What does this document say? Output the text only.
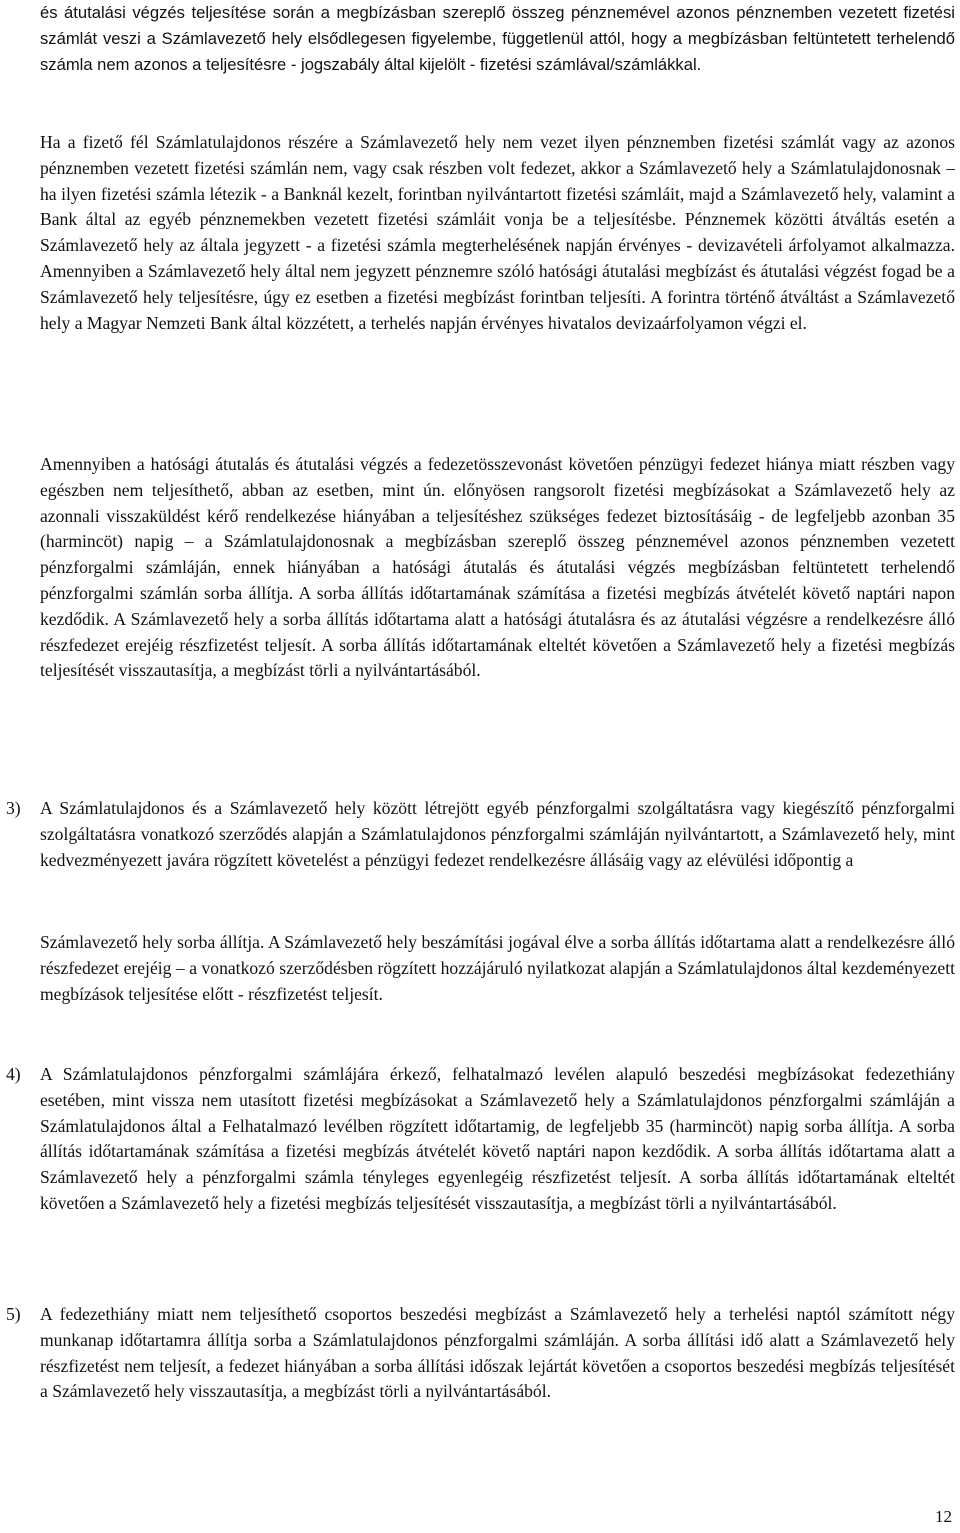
és átutalási végzés teljesítése során a megbízásban szereplő összeg pénznemével azonos pénznemben vezetett fizetési számlát veszi a Számlavezető hely elsődlegesen figyelembe, függetlenül attól, hogy a megbízásban feltüntetett terhelendő számla nem azonos a teljesítésre - jogszabály által kijelölt - fizetési számlával/számlákkal.

Ha a fizető fél Számlatulajdonos részére a Számlavezető hely nem vezet ilyen pénznemben fizetési számlát vagy az azonos pénznemben vezetett fizetési számlán nem, vagy csak részben volt fedezet, akkor a Számlavezető hely a Számlatulajdonosnak – ha ilyen fizetési számla létezik - a Banknál kezelt, forintban nyilvántartott fizetési számláit, majd a Számlavezető hely, valamint a Bank által az egyéb pénznemekben vezetett fizetési számláit vonja be a teljesítésbe. Pénznemek közötti átváltás esetén a Számlavezető hely az általa jegyzett - a fizetési számla megterhelésének napján érvényes - devizavételi árfolyamot alkalmazza. Amennyiben a Számlavezető hely által nem jegyzett pénznemre szóló hatósági átutalási megbízást és átutalási végzést fogad be a Számlavezető hely teljesítésre, úgy ez esetben a fizetési megbízást forintban teljesíti. A forintra történő átváltást a Számlavezető hely a Magyar Nemzeti Bank által közzétett, a terhelés napján érvényes hivatalos devizaárfolyamon végzi el.

Amennyiben a hatósági átutalás és átutalási végzés a fedezetösszevonást követően pénzügyi fedezet hiánya miatt részben vagy egészben nem teljesíthető, abban az esetben, mint ún. előnyösen rangsorolt fizetési megbízásokat a Számlavezető hely az azonnali visszaküldést kérő rendelkezése hiányában a teljesítéshez szükséges fedezet biztosításáig - de legfeljebb azonban 35 (harmincöt) napig – a Számlatulajdonosnak a megbízásban szereplő összeg pénznemével azonos pénznemben vezetett pénzforgalmi számláján, ennek hiányában a hatósági átutalás és átutalási végzés megbízásban feltüntetett terhelendő pénzforgalmi számlán sorba állítja. A sorba állítás időtartamának számítása a fizetési megbízás átvételét követő naptári napon kezdődik. A Számlavezető hely a sorba állítás időtartama alatt a hatósági átutalásra és az átutalási végzésre a rendelkezésre álló részfedezet erejéig részfizetést teljesít. A sorba állítás időtartamának elteltét követően a Számlavezető hely a fizetési megbízás teljesítését visszautasítja, a megbízást törli a nyilvántartásából.

3) A Számlatulajdonos és a Számlavezető hely között létrejött egyéb pénzforgalmi szolgáltatásra vagy kiegészítő pénzforgalmi szolgáltatásra vonatkozó szerződés alapján a Számlatulajdonos pénzforgalmi számláján nyilvántartott, a Számlavezető hely, mint kedvezményezett javára rögzített követelést a pénzügyi fedezet rendelkezésre állásáig vagy az elévülési időpontig a

Számlavezető hely sorba állítja. A Számlavezető hely beszámítási jogával élve a sorba állítás időtartama alatt a rendelkezésre álló részfedezet erejéig – a vonatkozó szerződésben rögzített hozzájáruló nyilatkozat alapján a Számlatulajdonos által kezdeményezett megbízások teljesítése előtt - részfizetést teljesít.

4) A Számlatulajdonos pénzforgalmi számlájára érkező, felhatalmazó levélen alapuló beszedési megbízásokat fedezethiány esetében, mint vissza nem utasított fizetési megbízásokat a Számlavezető hely a Számlatulajdonos pénzforgalmi számláján a Számlatulajdonos által a Felhatalmazó levélben rögzített időtartamig, de legfeljebb 35 (harmincöt) napig sorba állítja. A sorba állítás időtartamának számítása a fizetési megbízás átvételét követő naptári napon kezdődik. A sorba állítás időtartama alatt a Számlavezető hely a pénzforgalmi számla tényleges egyenlegéig részfizetést teljesít. A sorba állítás időtartamának elteltét követően a Számlavezető hely a fizetési megbízás teljesítését visszautasítja, a megbízást törli a nyilvántartásából.

5) A fedezethiány miatt nem teljesíthető csoportos beszedési megbízást a Számlavezető hely a terhelési naptól számított négy munkanap időtartamra állítja sorba a Számlatulajdonos pénzforgalmi számláján. A sorba állítási idő alatt a Számlavezető hely részfizetést nem teljesít, a fedezet hiányában a sorba állítási időszak lejártát követően a csoportos beszedési megbízás teljesítését a Számlavezető hely visszautasítja, a megbízást törli a nyilvántartásából.

12
